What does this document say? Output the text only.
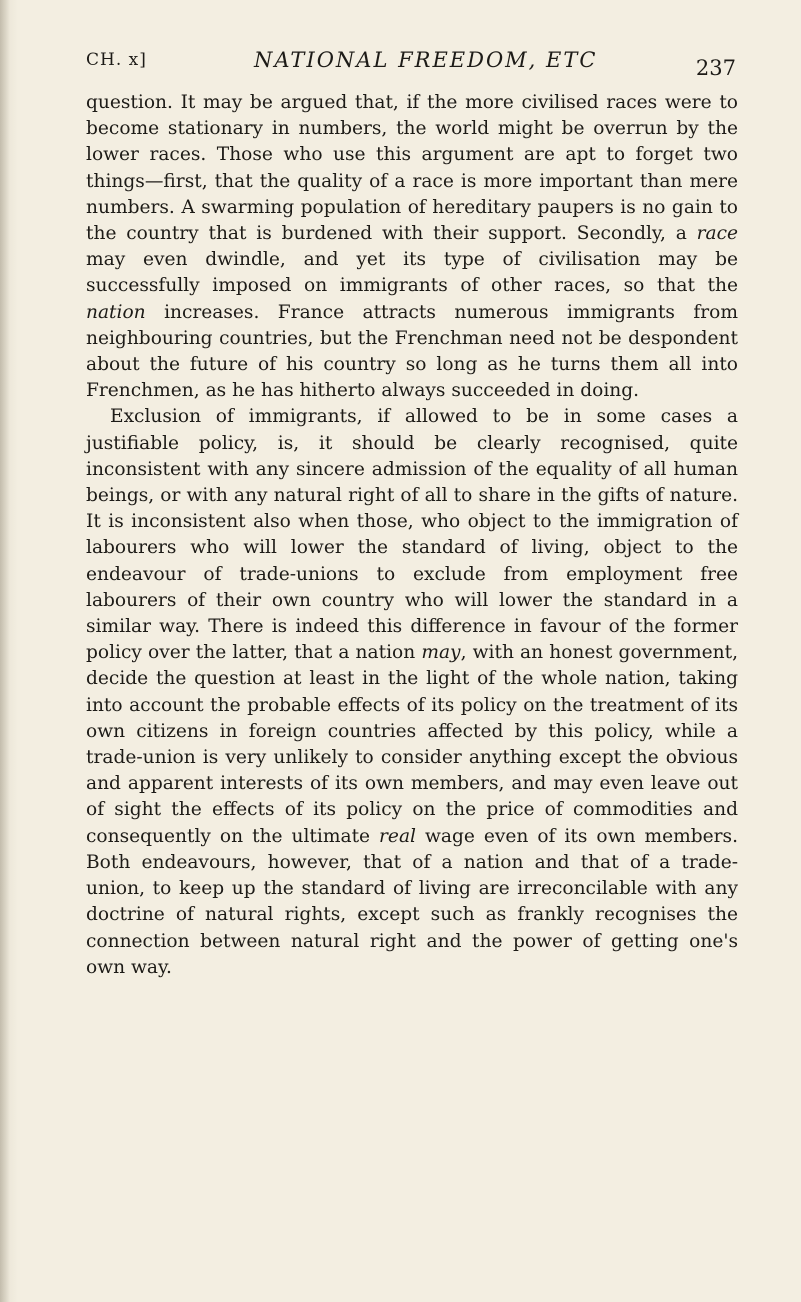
CH. x]	NATIONAL FREEDOM, ETC	237

question. It may be argued that, if the more civilised races were to become stationary in numbers, the world might be overrun by the lower races. Those who use this argument are apt to forget two things—first, that the quality of a race is more important than mere numbers. A swarming population of hereditary paupers is no gain to the country that is burdened with their support. Secondly, a race may even dwindle, and yet its type of civilisation may be successfully imposed on immigrants of other races, so that the nation increases. France attracts numerous immigrants from neighbouring countries, but the Frenchman need not be despondent about the future of his country so long as he turns them all into Frenchmen, as he has hitherto always succeeded in doing.

Exclusion of immigrants, if allowed to be in some cases a justifiable policy, is, it should be clearly recognised, quite inconsistent with any sincere admission of the equality of all human beings, or with any natural right of all to share in the gifts of nature. It is inconsistent also when those, who object to the immigration of labourers who will lower the standard of living, object to the endeavour of trade-unions to exclude from employment free labourers of their own country who will lower the standard in a similar way. There is indeed this difference in favour of the former policy over the latter, that a nation may, with an honest government, decide the question at least in the light of the whole nation, taking into account the probable effects of its policy on the treatment of its own citizens in foreign countries affected by this policy, while a trade-union is very unlikely to consider anything except the obvious and apparent interests of its own members, and may even leave out of sight the effects of its policy on the price of commodities and consequently on the ultimate real wage even of its own members. Both endeavours, however, that of a nation and that of a trade-union, to keep up the standard of living are irreconcilable with any doctrine of natural rights, except such as frankly recognises the connection between natural right and the power of getting one's own way.
